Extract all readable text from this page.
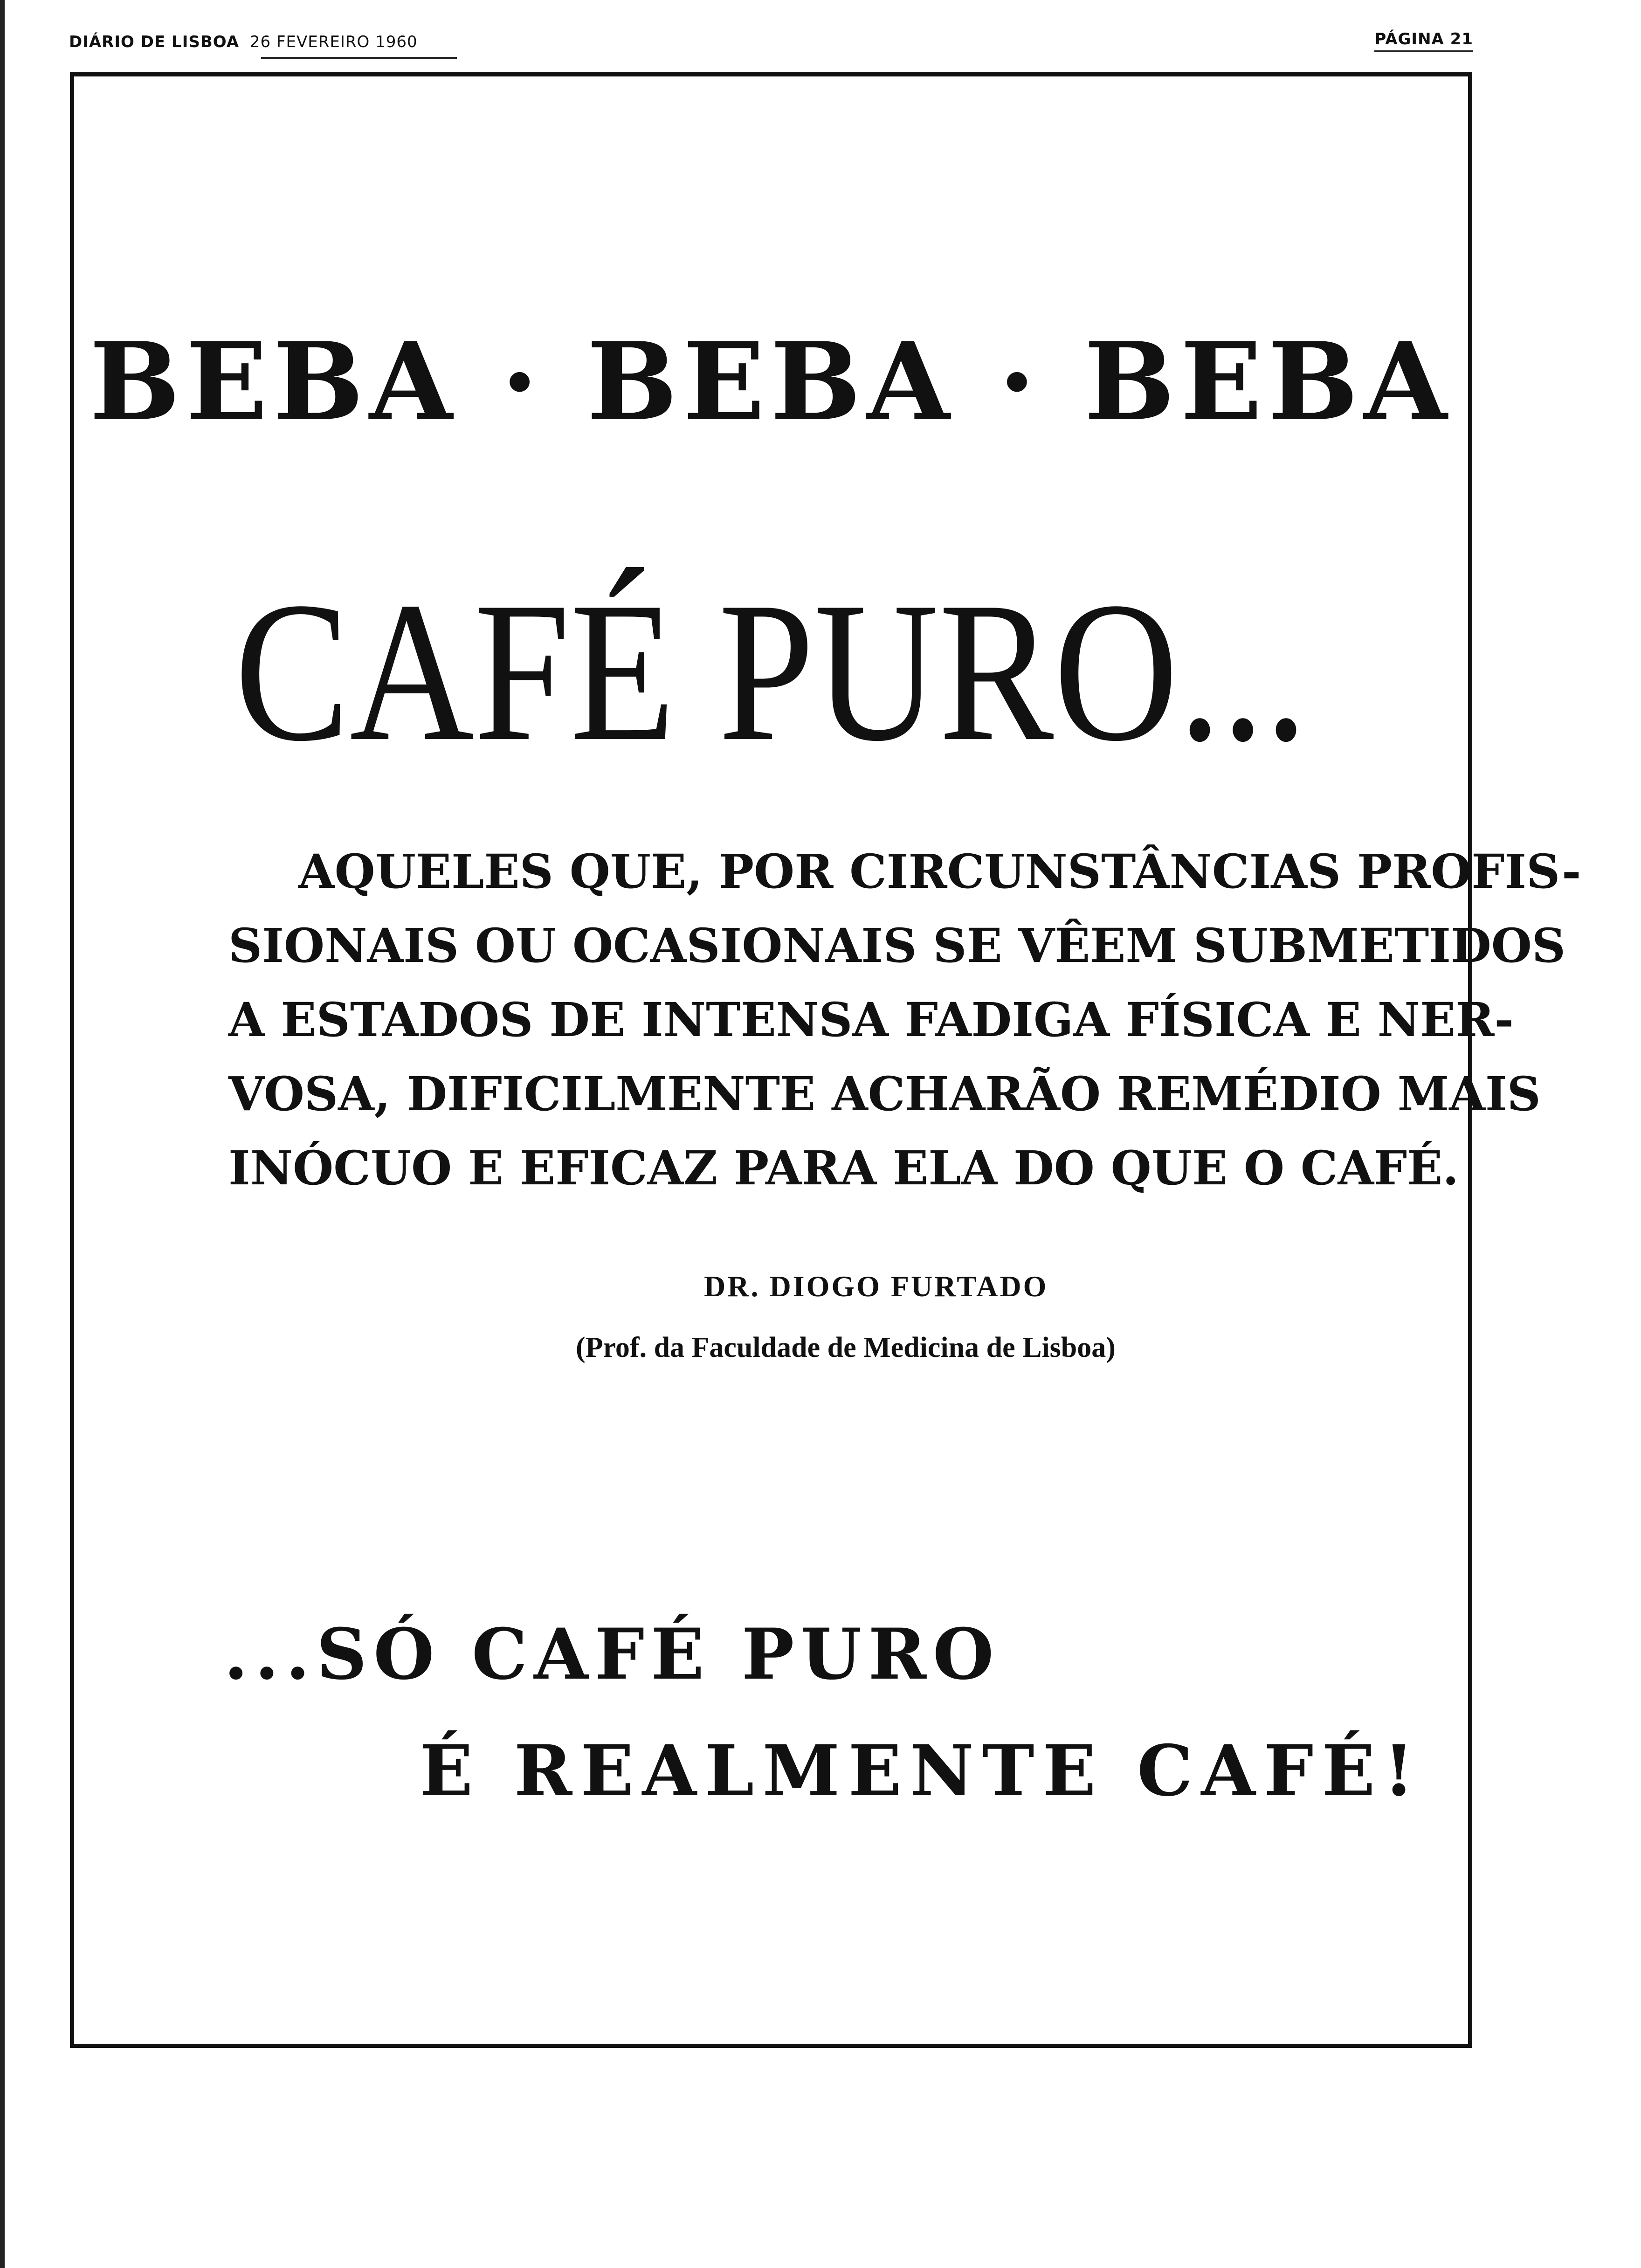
DIÁRIO DE LISBOA 26 FEVEREIRO 1960	PÁGINA 21
BEBA · BEBA · BEBA
CAFÉ PURO...
AQUELES QUE, POR CIRCUNSTÂNCIAS PROFIS-
SIONAIS OU OCASIONAIS SE VÊEM SUBMETIDOS
A ESTADOS DE INTENSA FADIGA FÍSICA E NER-
VOSA, DIFICILMENTE ACHARÃO REMÉDIO MAIS
INÓCUO E EFICAZ PARA ELA DO QUE O CAFÉ.
DR. DIOGO FURTADO
(Prof. da Faculdade de Medicina de Lisboa)
...SÓ CAFÉ PURO
É REALMENTE CAFÉ!
